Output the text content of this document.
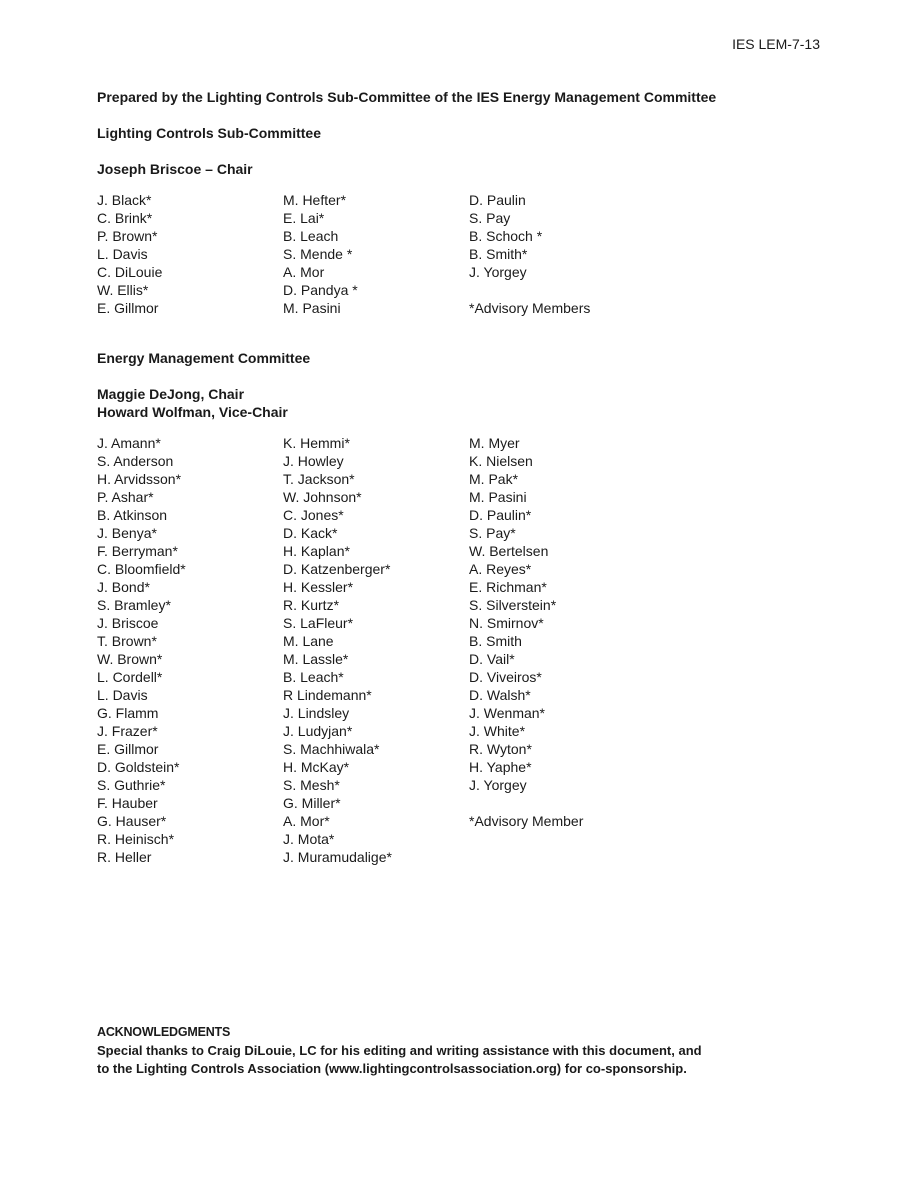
IES LEM-7-13
Prepared by the Lighting Controls Sub-Committee of the IES Energy Management Committee
Lighting Controls Sub-Committee
Joseph Briscoe – Chair
J. Black*
C. Brink*
P. Brown*
L. Davis
C. DiLouie
W. Ellis*
E. Gillmor
M. Hefter*
E. Lai*
B. Leach
S. Mende *
A. Mor
D. Pandya *
M. Pasini
D. Paulin
S. Pay
B. Schoch *
B. Smith*
J. Yorgey
*Advisory Members
Energy Management Committee
Maggie DeJong, Chair
Howard Wolfman, Vice-Chair
J. Amann*
S. Anderson
H. Arvidsson*
P. Ashar*
B. Atkinson
J. Benya*
F. Berryman*
C. Bloomfield*
J. Bond*
S. Bramley*
J. Briscoe
T. Brown*
W. Brown*
L. Cordell*
L. Davis
G. Flamm
J. Frazer*
E. Gillmor
D. Goldstein*
S. Guthrie*
F. Hauber
G. Hauser*
R. Heinisch*
R. Heller
K. Hemmi*
J. Howley
T. Jackson*
W. Johnson*
C. Jones*
D. Kack*
H. Kaplan*
D. Katzenberger*
H. Kessler*
R. Kurtz*
S. LaFleur*
M. Lane
M. Lassle*
B. Leach*
R Lindemann*
J. Lindsley
J. Ludyjan*
S. Machhiwala*
H. McKay*
S. Mesh*
G. Miller*
A. Mor*
J. Mota*
J. Muramudalige*
M. Myer
K. Nielsen
M. Pak*
M. Pasini
D. Paulin*
S. Pay*
W. Bertelsen
A. Reyes*
E. Richman*
S. Silverstein*
N. Smirnov*
B. Smith
D. Vail*
D. Viveiros*
D. Walsh*
J. Wenman*
J. White*
R. Wyton*
H. Yaphe*
J. Yorgey
*Advisory Member
ACKNOWLEDGMENTS
Special thanks to Craig DiLouie, LC for his editing and writing assistance with this document, and
to the Lighting Controls Association (www.lightingcontrolsassociation.org) for co-sponsorship.
